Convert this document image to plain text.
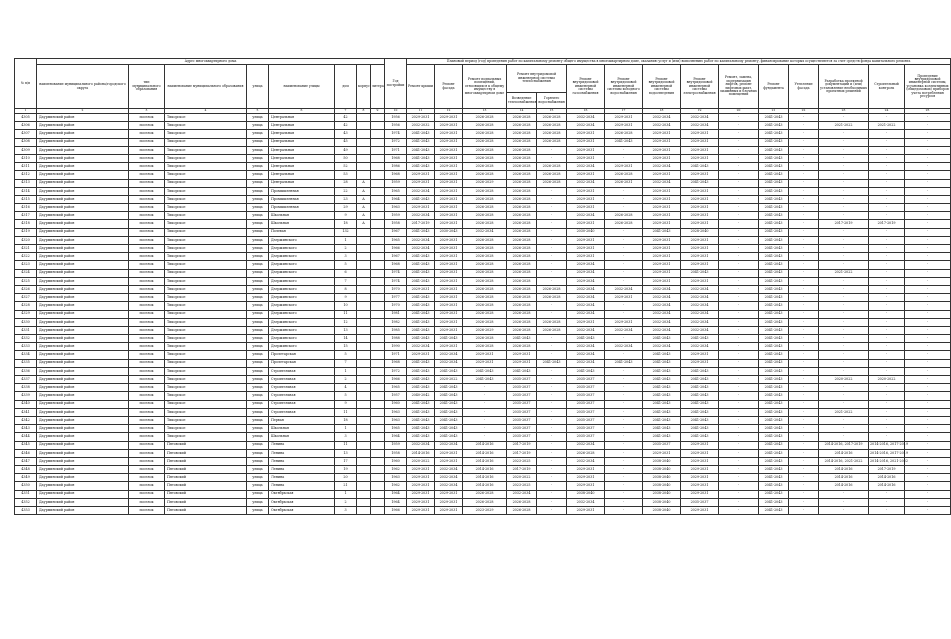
№ п/п	Адрес многоквартирного дома								Год постройки	Плановый период (год) проведения работ по капитальному ремонту общего имущества в многоквартирном доме, оказанию услуг и (или) выполнению работ по капитальному ремонту, финансирование которых осуществляется за счет средств фонда капитального ремонта														
	наименование муниципального района/городского округа	тип муниципального образования	наименование муниципального образования	улица	наименование улицы	дом	корпус	литера		Ремонт крыши	Ремонт фасада	Ремонт подвальных помещений, относящихся к общему имуществу в многоквартирном доме	Ремонт внутридомовой инженерной системы теплоснабжения		Ремонт внутридомовой инженерной системы газоснабжения	Ремонт внутридомовой инженерной системы холодного водоснабжения	Ремонт внутридомовой инженерной системы водоотведения	Ремонт внутридомовой инженерной системы электроснабжения	Ремонт, замена, модернизация лифтов, ремонт лифтовых шахт, машинных и блочных помещений	Ремонт фундамента	Утепление фасада	Разработка проектной документации и (или) установление необходимых проектных решений	Строительный контроль	Проведение внутридомовой инженерной системы, установка коллективных (общедомовых) приборов учета потребления ресурсов
													Возведение теплоснабжения	Горячего водоснабжения										
1	2	3	4	5	6	7	8	9	10	11	12	13	14	15	16	17	18	19	20	21	22	23	24	25
4305	Даурминский район	поселок	Тикорское	улица	Центральная	42			1956	2029-2031	2029-2031	2026-2028	2026-2028	2026-2028	2032-2034	2029-2031	2032-2034	2032-2034	-	2041-2043	-	-	-	-
4306	Даурминский район	поселок	Тикорское	улица	Центральная	42			1956	2032-2032	2029-2031	2026-2028	2026-2028	2026-2028	2032-2034	2029-2031	2032-2034	2032-2034	-	2041-2043	-	2021-2022	2021-2022	-
4307	Даурминский район	поселок	Тикорское	улица	Центральная	43			1974	2041-2043	2029-2031	2026-2028	2026-2028	2026-2028	2029-2031	2026-2028	2029-2031	2029-2031	-	2041-2043	-	-	-	-
4308	Даурминский район	поселок	Тикорское	улица	Центральная	45			1972	2041-2043	2029-2031	2026-2028	2026-2028	2026-2028	2029-2031	2041-2043	2029-2031	2029-2031	-	2041-2043	-	-	-	-
4309	Даурминский район	поселок	Тикорское	улица	Центральная	49			1971	2041-2043	2029-2031	2026-2028	2026-2028	-	2029-2031	-	2029-2031	2029-2031	-	2041-2043	-	-	-	-
4310	Даурминский район	поселок	Тикорское	улица	Центральная	50			1968	2041-2043	2029-2031	2026-2028	2026-2028	-	2029-2031	-	2029-2031	2029-2031	-	2041-2043	-	-	-	-
4311	Даурминский район	поселок	Тикорское	улица	Центральная	52			1986	2041-2043	2029-2031	2026-2028	2026-2028	2026-2028	2032-2034	2029-2031	2032-2034	2041-2043	-	2041-2043	-	-	-	-
4312	Даурминский район	поселок	Тикорское	улица	Центральная	53			1968	2029-2031	2029-2031	2026-2028	2026-2028	2026-2028	2029-2031	2026-2028	2029-2031	2029-2031	-	2041-2043	-	-	-	-
4313	Даурминский район	поселок	Тикорское	улица	Центральная	28	А		1959	2029-2031	2029-2031	2026-2029	2026-2028	2026-2028	2032-2034	2026-2031	2032-2034	2041-2043	-	2041-2043	-	-	-	-
4314	Даурминский район	поселок	Тикорское	улица	Промышленная	22	А		1965	2032-2034	2029-2031	2026-2028	2026-2028	-	2029-2031	-	2029-2031	2029-2031	-	2041-2043	-	-	-	-
4315	Даурминский район	поселок	Тикорское	улица	Промышленная	23	А		1964	2041-2043	2029-2031	2026-2028	2026-2028	-	2029-2031	-	2029-2031	2029-2031	-	2041-2043	-	-	-	-
4316	Даурминский район	поселок	Тикорское	улица	Промышленная	29	А		1963	2029-2031	2029-2031	2026-2028	2026-2028	-	2029-2031	-	2029-2031	2029-2031	-	2041-2043	-	-	-	-
4317	Даурминский район	поселок	Тикорское	улица	Школьная	9	А		1959	2032-2034	2029-2031	2026-2028	2026-2028	-	2032-2034	2026-2028	2029-2031	2029-2031	-	2041-2043	-	-	-	-
4318	Даурминский район	поселок	Тикорское	улица	Школьная	18	А		1958	2017-2019	2029-2031	2026-2028	2026-2028	-	2029-2031	2026-2028	2029-2031	2029-2031	-	2041-2043	-	2017-2019	2017-2019	-
4319	Даурминский район	поселок	Тикорское	улица	Полевая	132			1967	2041-2043	2030-2043	2032-2034	2026-2028	-	2030-2040	-	2041-2043	2028-2040	-	2041-2043	-	-	-	-
4320	Даурминский район	поселок	Тикорское	улица	Дзержинского	1			1965	2032-2034	2029-2031	2026-2028	2026-2028	-	2029-2031	-	2029-2031	2029-2031	-	2041-2043	-	-	-	-
4321	Даурминский район	поселок	Тикорское	улица	Дзержинского	2			1966	2032-2034	2029-2031	2026-2028	2026-2028	-	2029-2031	-	2029-2031	2029-2031	-	2041-2043	-	-	-	-
4322	Даурминский район	поселок	Тикорское	улица	Дзержинского	3			1967	2041-2043	2029-2031	2026-2028	2026-2028	-	2029-2031	-	2029-2031	2029-2031	-	2041-2043	-	-	-	-
4323	Даурминский район	поселок	Тикорское	улица	Дзержинского	5			1968	2041-2043	2029-2031	2026-2028	2026-2028	-	2029-2034	-	2029-2031	2029-2031	-	2041-2043	-	-	-	-
4324	Даурминский район	поселок	Тикорское	улица	Дзержинского	6			1974	2041-2043	2029-2031	2026-2028	2026-2028	-	2029-2034	-	2029-2031	2041-2043	-	2041-2043	-	2021-2022	-	-
4325	Даурминский район	поселок	Тикорское	улица	Дзержинского	7			1974	2041-2043	2029-2031	2026-2028	2026-2028	-	2029-2034	-	2029-2031	2029-2031	-	2041-2043	-	-	-	-
4326	Даурминский район	поселок	Тикорское	улица	Дзержинского	8			1970	2029-2031	2029-2031	2026-2028	2026-2028	2026-2028	2032-2034	2032-2034	2032-2034	2032-2034	-	2041-2043	-	-	-	-
4327	Даурминский район	поселок	Тикорское	улица	Дзержинского	9			1977	2041-2043	2029-2031	2026-2028	2026-2028	2026-2028	2032-2034	2029-2031	2032-2034	2032-2034	-	2041-2043	-	-	-	-
4328	Даурминский район	поселок	Тикорское	улица	Дзержинского	10			1970	2041-2043	2029-2031	2026-2028	2026-2028	-	2032-2034	-	2032-2034	2032-2034	-	2041-2043	-	-	-	-
4329	Даурминский район	поселок	Тикорское	улица	Дзержинского	11			1981	2041-2043	2029-2031	2026-2028	2026-2028	-	2032-2034	-	2032-2034	2032-2034	-	2041-2043	-	-	-	-
4330	Даурминский район	поселок	Тикорское	улица	Дзержинского	12			1982	2041-2043	2029-2031	2026-2028	2026-2028	2026-2028	2029-2031	2029-2031	2032-2034	2032-2034	-	2041-2043	-	-	-	-
4331	Даурминский район	поселок	Тикорское	улица	Дзержинского	13			1985	2041-2043	2029-2031	2026-2029	2026-2028	2026-2028	2032-2034	2032-2034	2032-2034	2032-2034	-	2041-2043	-	-	-	-
4332	Даурминский район	поселок	Тикорское	улица	Дзержинского	14			1988	2041-2043	2041-2043	2026-2028	2041-2043	-	2041-2043	-	2041-2043	2041-2043	-	2041-2043	-	-	-	-
4333	Даурминский район	поселок	Тикорское	улица	Дзержинского	15			1990	2032-2034	2029-2031	2026-2028	2026-2028	-	2032-2034	2032-2034	2032-2034	2032-2034	-	2041-2043	-	-	-	-
4334	Даурминский район	поселок	Тикорское	улица	Пролетарская	5			1971	2029-2031	2032-2034	2029-2031	2029-2031	-	2032-2034	-	2041-2043	2029-2031	-	2041-2043	-	-	-	-
4335	Даурминский район	поселок	Тикорское	улица	Пролетарская	7			1968	2041-2043	2032-2034	2029-2031	2029-2031	2041-2043	2032-2034	2041-2043	2041-2043	2029-2031	-	2041-2043	-	-	-	-
4336	Даурминский район	поселок	Тикорское	улица	Строительная	1			1972	2041-2043	2041-2043	2041-2043	2041-2043	-	2041-2043	-	2041-2043	2041-2043	-	2041-2043	-	-	-	-
4337	Даурминский район	поселок	Тикорское	улица	Строительная	2			1966	2041-2043	2020-2022	2041-2043	2035-2037	-	2035-2037	-	2041-2043	2041-2043	-	2041-2043	-	2020-2022	2020-2022	-
4338	Даурминский район	поселок	Тикорское	улица	Строительная	4			1965	2041-2043	2041-2043	-	2035-2037	-	2035-2037	-	2041-2043	2041-2043	-	2041-2043	-	-	-	-
4339	Даурминский район	поселок	Тикорское	улица	Строительная	5			1957	2040-2042	2041-2043	-	2035-2037	-	2035-2037	-	2041-2043	2041-2043	-	2041-2043	-	-	-	-
4340	Даурминский район	поселок	Тикорское	улица	Строительная	9			1960	2041-2043	2041-2043	-	2035-2037	-	2035-2037	-	2041-2043	2041-2043	-	2041-2043	-	-	-	-
4341	Даурминский район	поселок	Тикорское	улица	Строительная	11			1963	2041-2043	2041-2043	-	2035-2037	-	2035-2037	-	2041-2043	2041-2043	-	2041-2043	-	2021-2022	-	-
4342	Даурминский район	поселок	Тикорское	улица	Первая	18			1963	2041-2043	2041-2043	-	2035-2037	-	2035-2037	-	2041-2043	2041-2043	-	2041-2043	-	-	-	-
4343	Даурминский район	поселок	Тикорское	улица	Школьная	1			1965	2041-2043	2041-2043	-	2035-2037	-	2035-2037	-	2041-2043	2041-2043	-	2041-2043	-	-	-	-
4344	Даурминский район	поселок	Тикорское	улица	Школьная	3			1964	2041-2043	2041-2043	-	2035-2037	-	2035-2037	-	2041-2043	2041-2043	-	2041-2043	-	-	-	-
4345	Даурминский район	поселок	Пятовский	улица	Ленина	11			1959	2032-2034	2032-2034	2014-2016	2017-2019	-	2032-2034	-	2035-2037	2029-2031	-	2041-2043	-	2014-2016, 2017-2019	2014-2016, 2017-2019	-
4346	Даурминский район	поселок	Пятовский	улица	Ленина	13			1958	2014-2016	2029-2031	2014-2016	2017-2019	-	2026-2028	-	2029-2031	2029-2031	-	2041-2043	-	2014-2016	2014-2016, 2017-2019	-
4347	Даурминский район	поселок	Пятовский	улица	Ленина	17			1960	2020-2022	2029-2031	2014-2016	2023-2025	-	2032-2034	-	2038-2040	2029-2031	-	2041-2043	-	2014-2016, 2021-2022	2014-2016, 2021-2022	-
4348	Даурминский район	поселок	Пятовский	улица	Ленина	19			1962	2029-2031	2032-2034	2014-2016	2017-2019	-	2029-2031	-	2038-2040	2029-2031	-	2041-2043	-	2014-2016	2017-2019	-
4349	Даурминский район	поселок	Пятовский	улица	Ленина	20			1963	2029-2031	2032-2034	2014-2016	2020-2022	-	2029-2031	-	2038-2040	2029-2031	-	2041-2043	-	2014-2016	2014-2016	-
4350	Даурминский район	поселок	Пятовский	улица	Ленина	21			1962	2029-2031	2032-2034	2014-2016	2023-2025	-	2029-2031	-	2038-2040	2029-2031	-	2041-2043	-	2014-2016	2014-2016	-
4351	Даурминский район	поселок	Пятовский	улица	Октябрьская	1			1964	2029-2031	2029-2031	2026-2028	2032-2034	-	2038-2040	-	2038-2040	2029-2031	-	2041-2043	-	-	-	-
4352	Даурминский район	поселок	Пятовский	улица	Октябрьская	2			1964	2029-2031	2029-2031	2026-2028	2026-2028	-	2032-2034	-	2038-2040	2035-2037	-	2041-2043	-	-	-	-
4353	Даурминский район	поселок	Пятовский	улица	Октябрьская	3			1966	2029-2031	2029-2031	2023-2029	2026-2028	-	2029-2031	-	2038-2040	2029-2031	-	2041-2043	-	-	-	-
